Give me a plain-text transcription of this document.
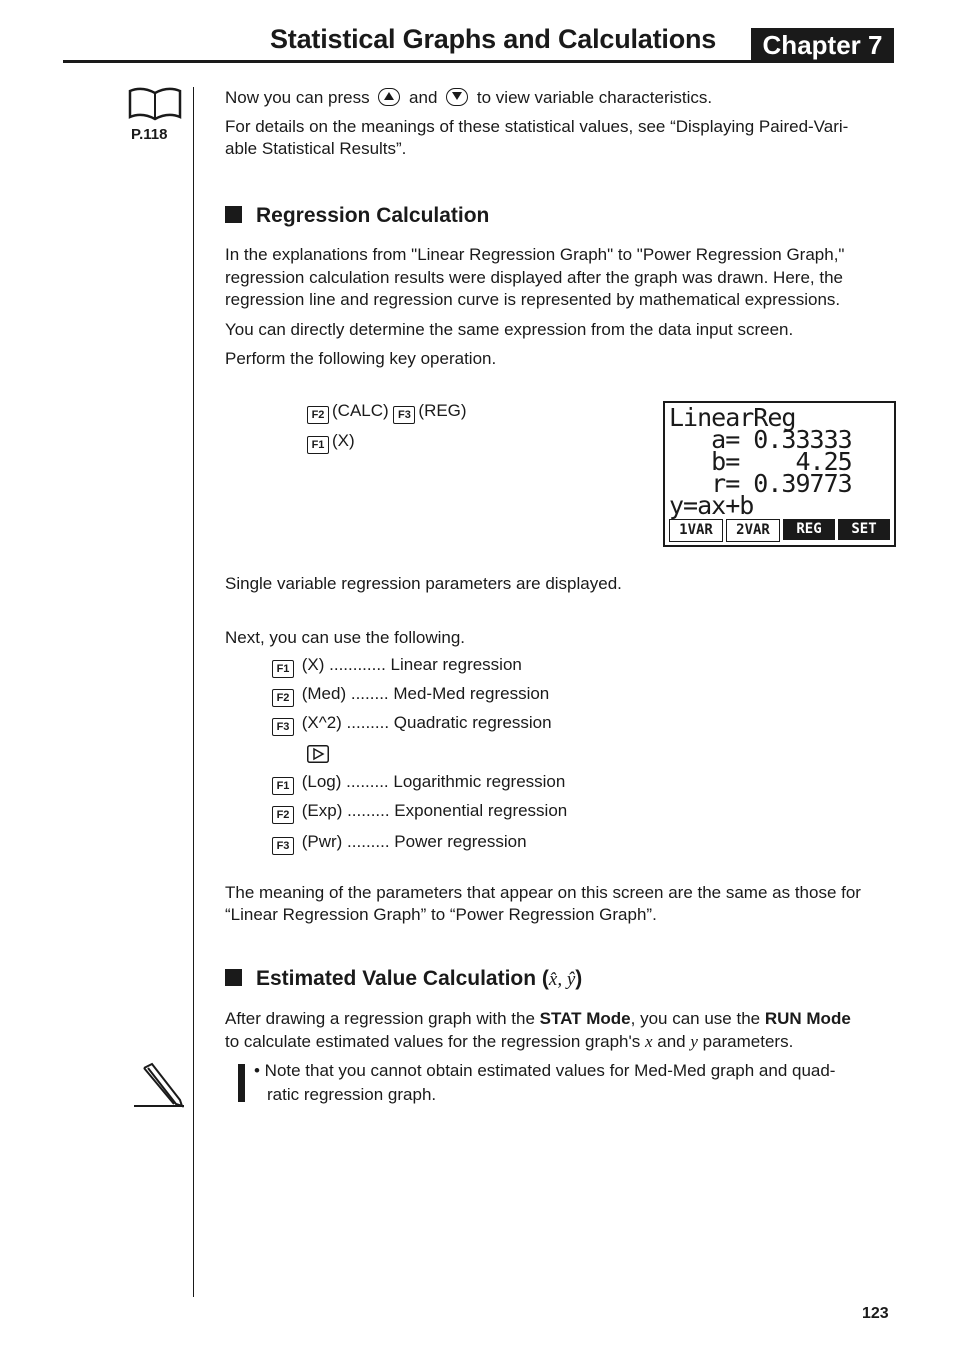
Statistical Graphs and Calculations	Chapter 7
P.118
Now you can press and to view variable characteristics.
For details on the meanings of these statistical values, see “Displaying Paired-Vari-
able Statistical Results”.
Regression Calculation
In the explanations from "Linear Regression Graph" to "Power Regression Graph,"
regression calculation results were displayed after the graph was drawn. Here, the
regression line and regression curve is represented by mathematical expressions.
You can directly determine the same expression from the data input screen.
Perform the following key operation.
F2 (CALC) F3 (REG)
F1 (X)
LinearReg
a= 0.33333
b=    4.25
r= 0.39773
y=ax+b
1VAR	2VAR	REG	SET
Single variable regression parameters are displayed.
Next, you can use the following.
F1 (X) ............ Linear regression
F2 (Med) ........ Med-Med regression
F3 (X^2) ......... Quadratic regression
F1 (Log) ......... Logarithmic regression
F2 (Exp) ......... Exponential regression
F3 (Pwr) ......... Power regression
The meaning of the parameters that appear on this screen are the same as those for
“Linear Regression Graph” to “Power Regression Graph”.
Estimated Value Calculation (x̂, ŷ)
After drawing a regression graph with the STAT Mode, you can use the RUN Mode
to calculate estimated values for the regression graph's x and y parameters.
• Note that you cannot obtain estimated values for Med-Med graph and quad-
ratic regression graph.
123
